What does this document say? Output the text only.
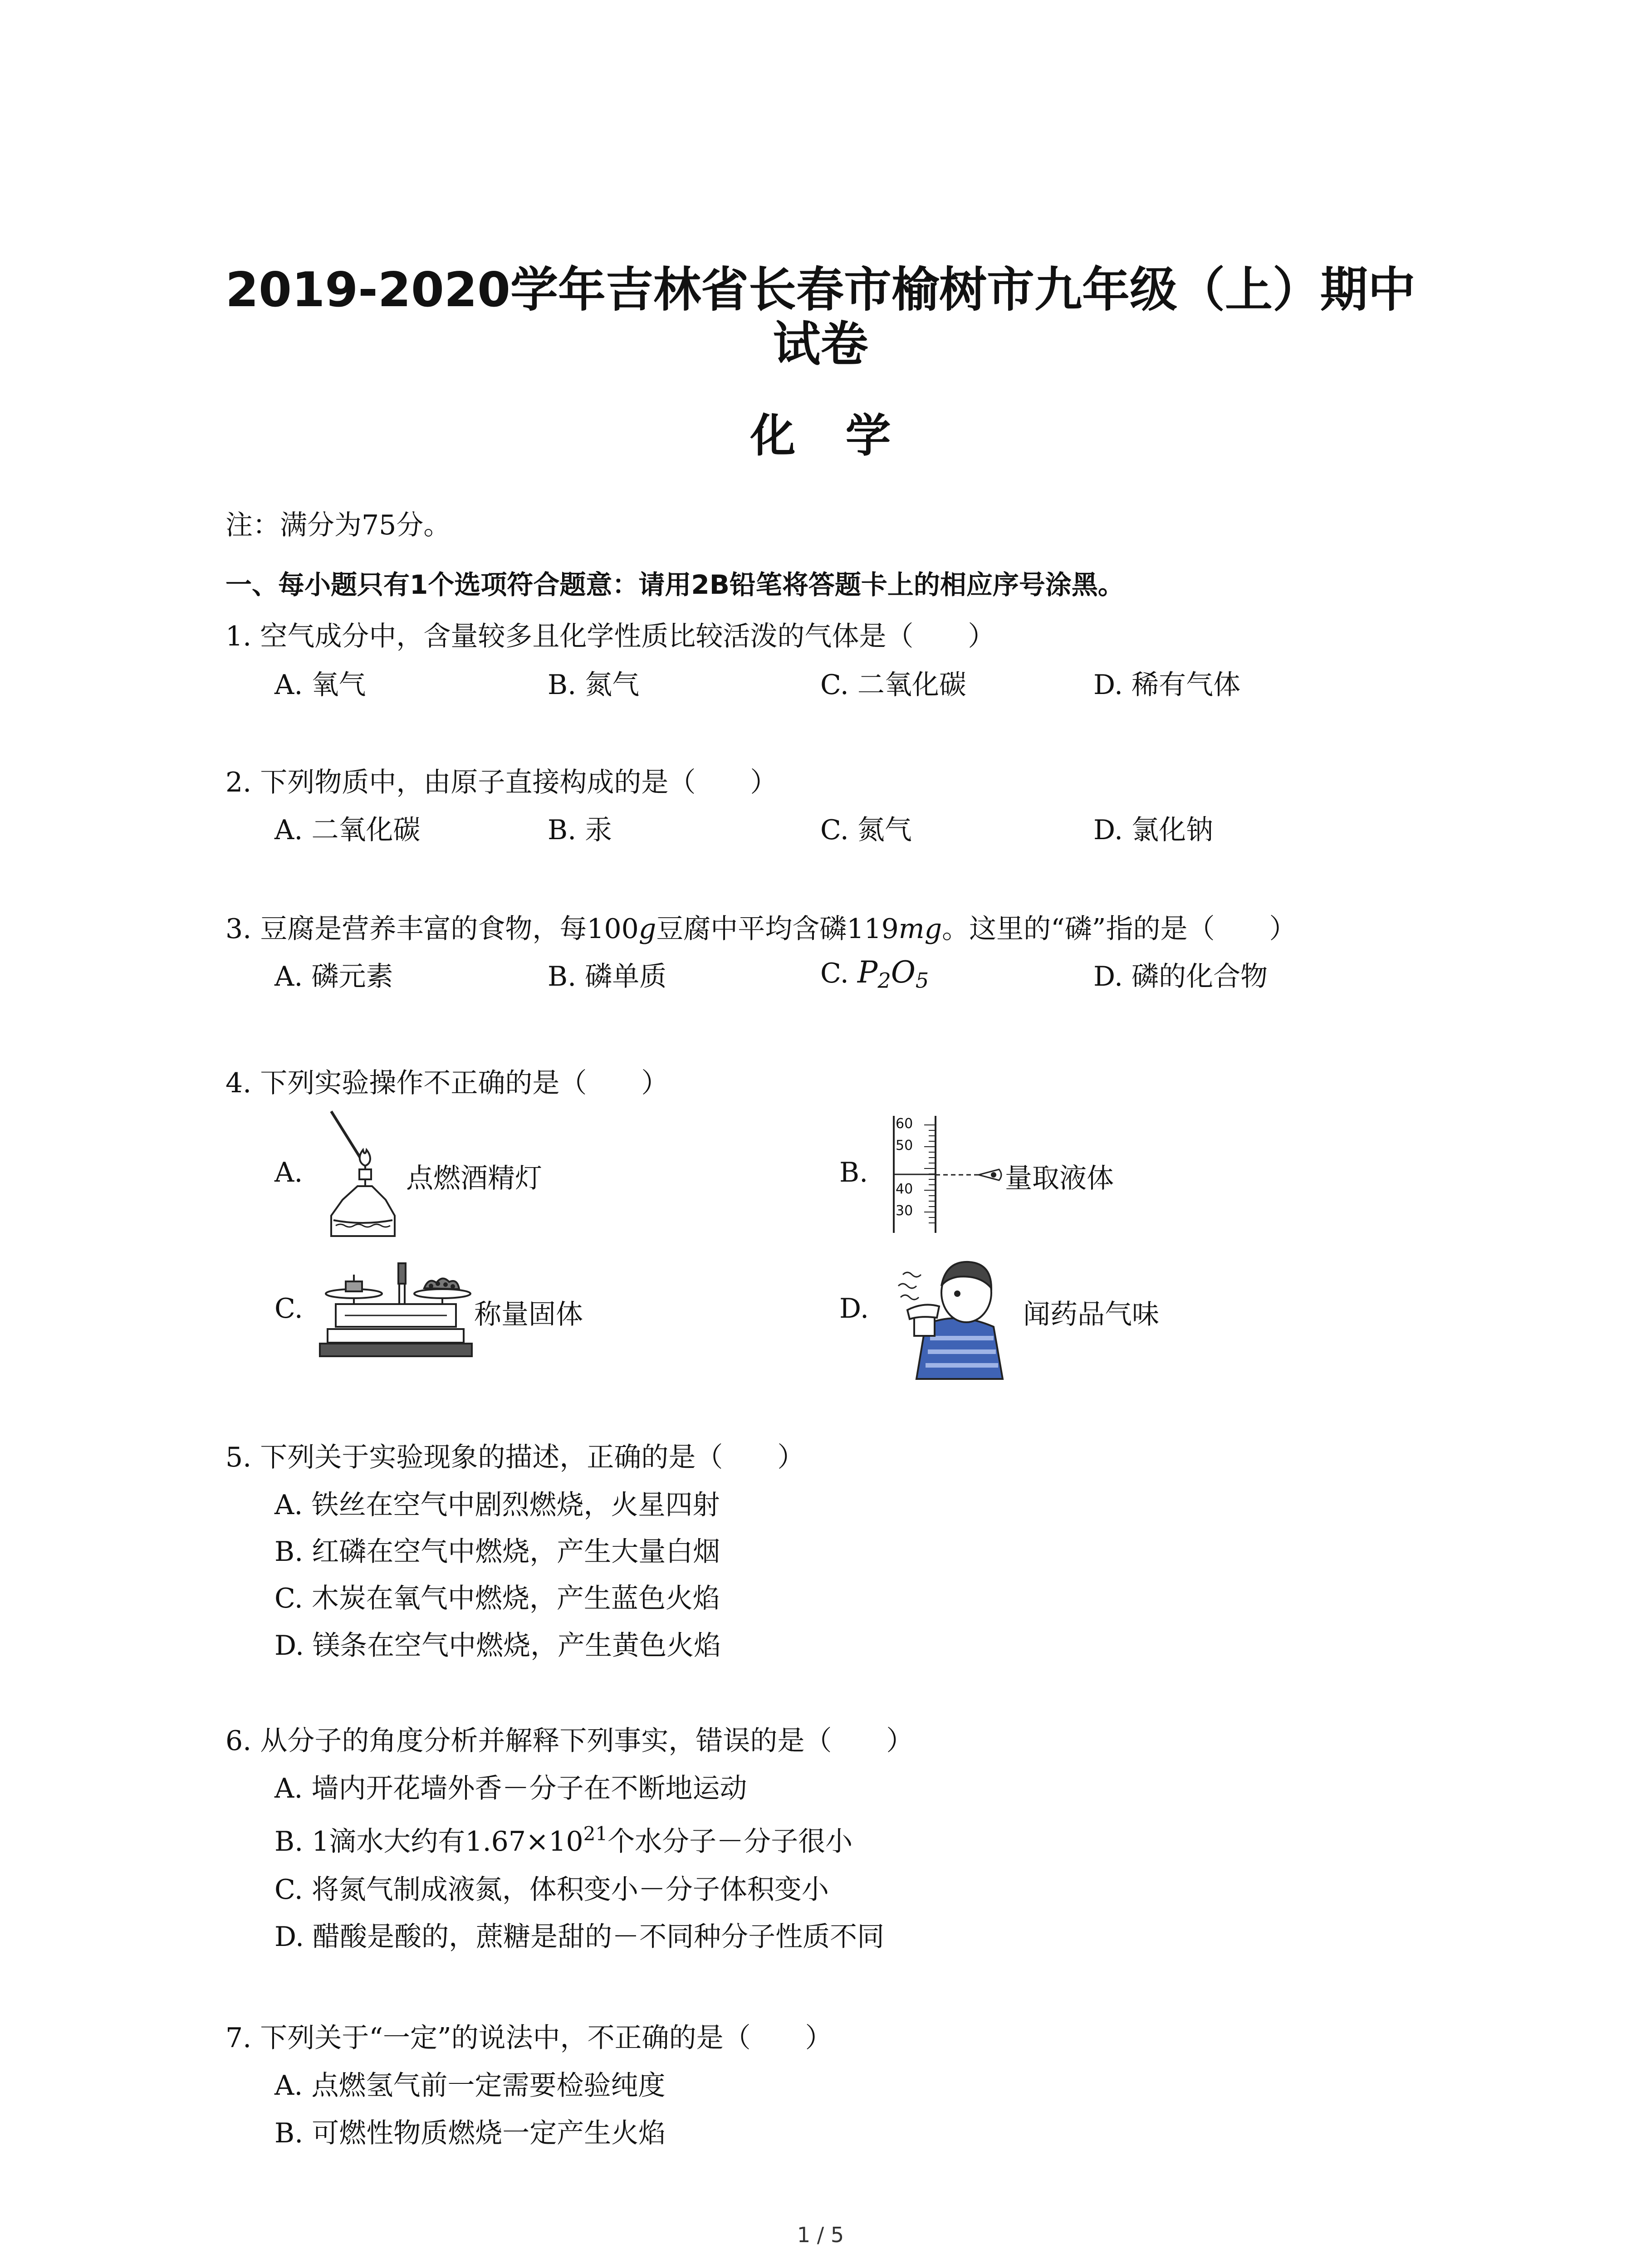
2019-2020学年吉林省长春市榆树市九年级（上）期中
试卷
化学
注：满分为75分。
一、每小题只有1个选项符合题意：请用2B铅笔将答题卡上的相应序号涂黑。
1. 空气成分中，含量较多且化学性质比较活泼的气体是（　　）
A. 氧气	B. 氮气	C. 二氧化碳	D. 稀有气体
2. 下列物质中，由原子直接构成的是（　　）
A. 二氧化碳	B. 汞	C. 氮气	D. 氯化钠
3. 豆腐是营养丰富的食物，每100g豆腐中平均含磷119mg。这里的“磷”指的是（　　）
A. 磷元素	B. 磷单质	C. $P_2O_5$	D. 磷的化合物
4. 下列实验操作不正确的是（　　）
A.	点燃酒精灯	B.
60
50
40
30
量取液体
C.	称量固体	D.	闻药品气味
5. 下列关于实验现象的描述，正确的是（　　）
A. 铁丝在空气中剧烈燃烧，火星四射
B. 红磷在空气中燃烧，产生大量白烟
C. 木炭在氧气中燃烧，产生蓝色火焰
D. 镁条在空气中燃烧，产生黄色火焰
6. 从分子的角度分析并解释下列事实，错误的是（　　）
A. 墙内开花墙外香－分子在不断地运动
B. 1滴水大约有$1.67\times 10^{21}$个水分子－分子很小
C. 将氮气制成液氮，体积变小－分子体积变小
D. 醋酸是酸的，蔗糖是甜的－不同种分子性质不同
7. 下列关于“一定”的说法中，不正确的是（　　）
A. 点燃氢气前一定需要检验纯度
B. 可燃性物质燃烧一定产生火焰
1 / 5
